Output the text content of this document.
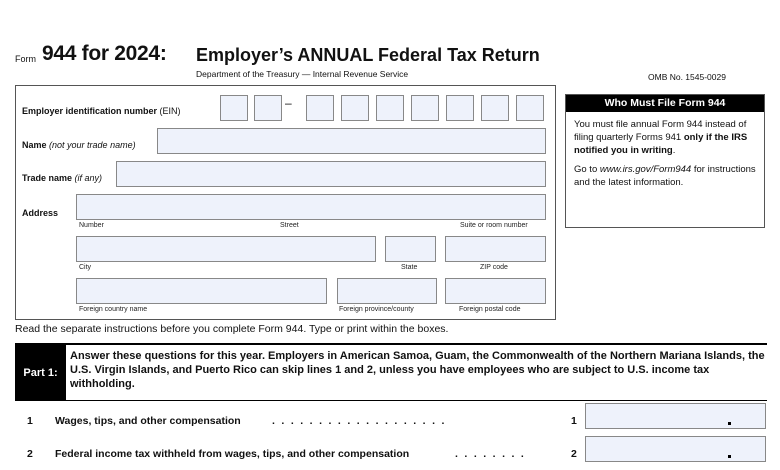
Form 944 for 2024: Employer’s ANNUAL Federal Tax Return
Department of the Treasury — Internal Revenue Service	OMB No. 1545-0029
Employer identification number (EIN)
–
Name (not your trade name)
Trade name (if any)
Address
Number	Street	Suite or room number
City	State	ZIP code
Foreign country name	Foreign province/county	Foreign postal code
Who Must File Form 944

You must file annual Form 944 instead of filing quarterly Forms 941 only if the IRS notified you in writing.

Go to www.irs.gov/Form944 for instructions and the latest information.

Read the separate instructions before you complete Form 944. Type or print within the boxes.
Part 1:
Answer these questions for this year. Employers in American Samoa, Guam, the Commonwealth of the Northern Mariana Islands, the U.S. Virgin Islands, and Puerto Rico can skip lines 1 and 2, unless you have employees who are subject to U.S. income tax withholding.
1 Wages, tips, and other compensation	...................	1
2 Federal income tax withheld from wages, tips, and other compensation	........	2
